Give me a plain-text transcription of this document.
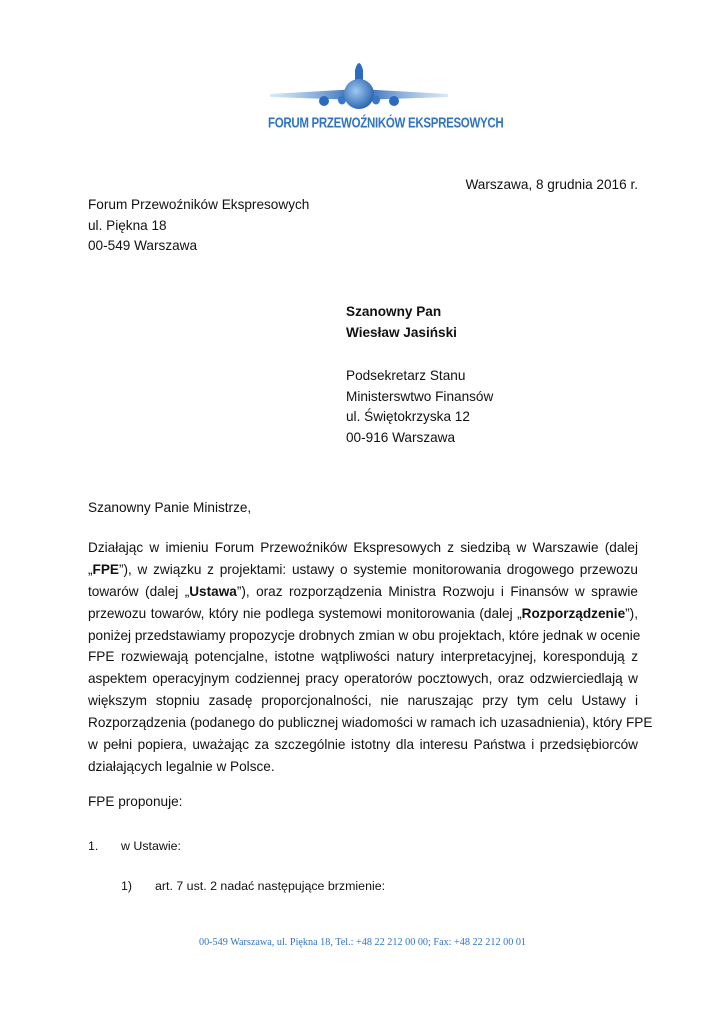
FORUM PRZEWOŹNIKÓW EKSPRESOWYCH
Warszawa, 8 grudnia 2016 r.
Forum Przewoźników Ekspresowych
ul. Piękna 18
00-549 Warszawa
Szanowny Pan
Wiesław Jasiński
Podsekretarz Stanu
Ministerswtwo Finansów
ul. Świętokrzyska 12
00-916 Warszawa
Szanowny Panie Ministrze,
Działając w imieniu Forum Przewoźników Ekspresowych z siedzibą w Warszawie (dalej
„FPE”), w związku z projektami: ustawy o systemie monitorowania drogowego przewozu
towarów (dalej „Ustawa”), oraz rozporządzenia Ministra Rozwoju i Finansów w sprawie
przewozu towarów, który nie podlega systemowi monitorowania (dalej „Rozporządzenie”),
poniżej przedstawiamy propozycje drobnych zmian w obu projektach, które jednak w ocenie
FPE rozwiewają potencjalne, istotne wątpliwości natury interpretacyjnej, korespondują z
aspektem operacyjnym codziennej pracy operatorów pocztowych, oraz odzwierciedlają w
większym stopniu zasadę proporcjonalności, nie naruszając przy tym celu Ustawy i
Rozporządzenia (podanego do publicznej wiadomości w ramach ich uzasadnienia), który FPE
w pełni popiera, uważając za szczególnie istotny dla interesu Państwa i przedsiębiorców
działających legalnie w Polsce.
FPE proponuje:
1. w Ustawie:
1) art. 7 ust. 2 nadać następujące brzmienie:
00-549 Warszawa, ul. Piękna 18, Tel.: +48 22 212 00 00; Fax: +48 22 212 00 01
